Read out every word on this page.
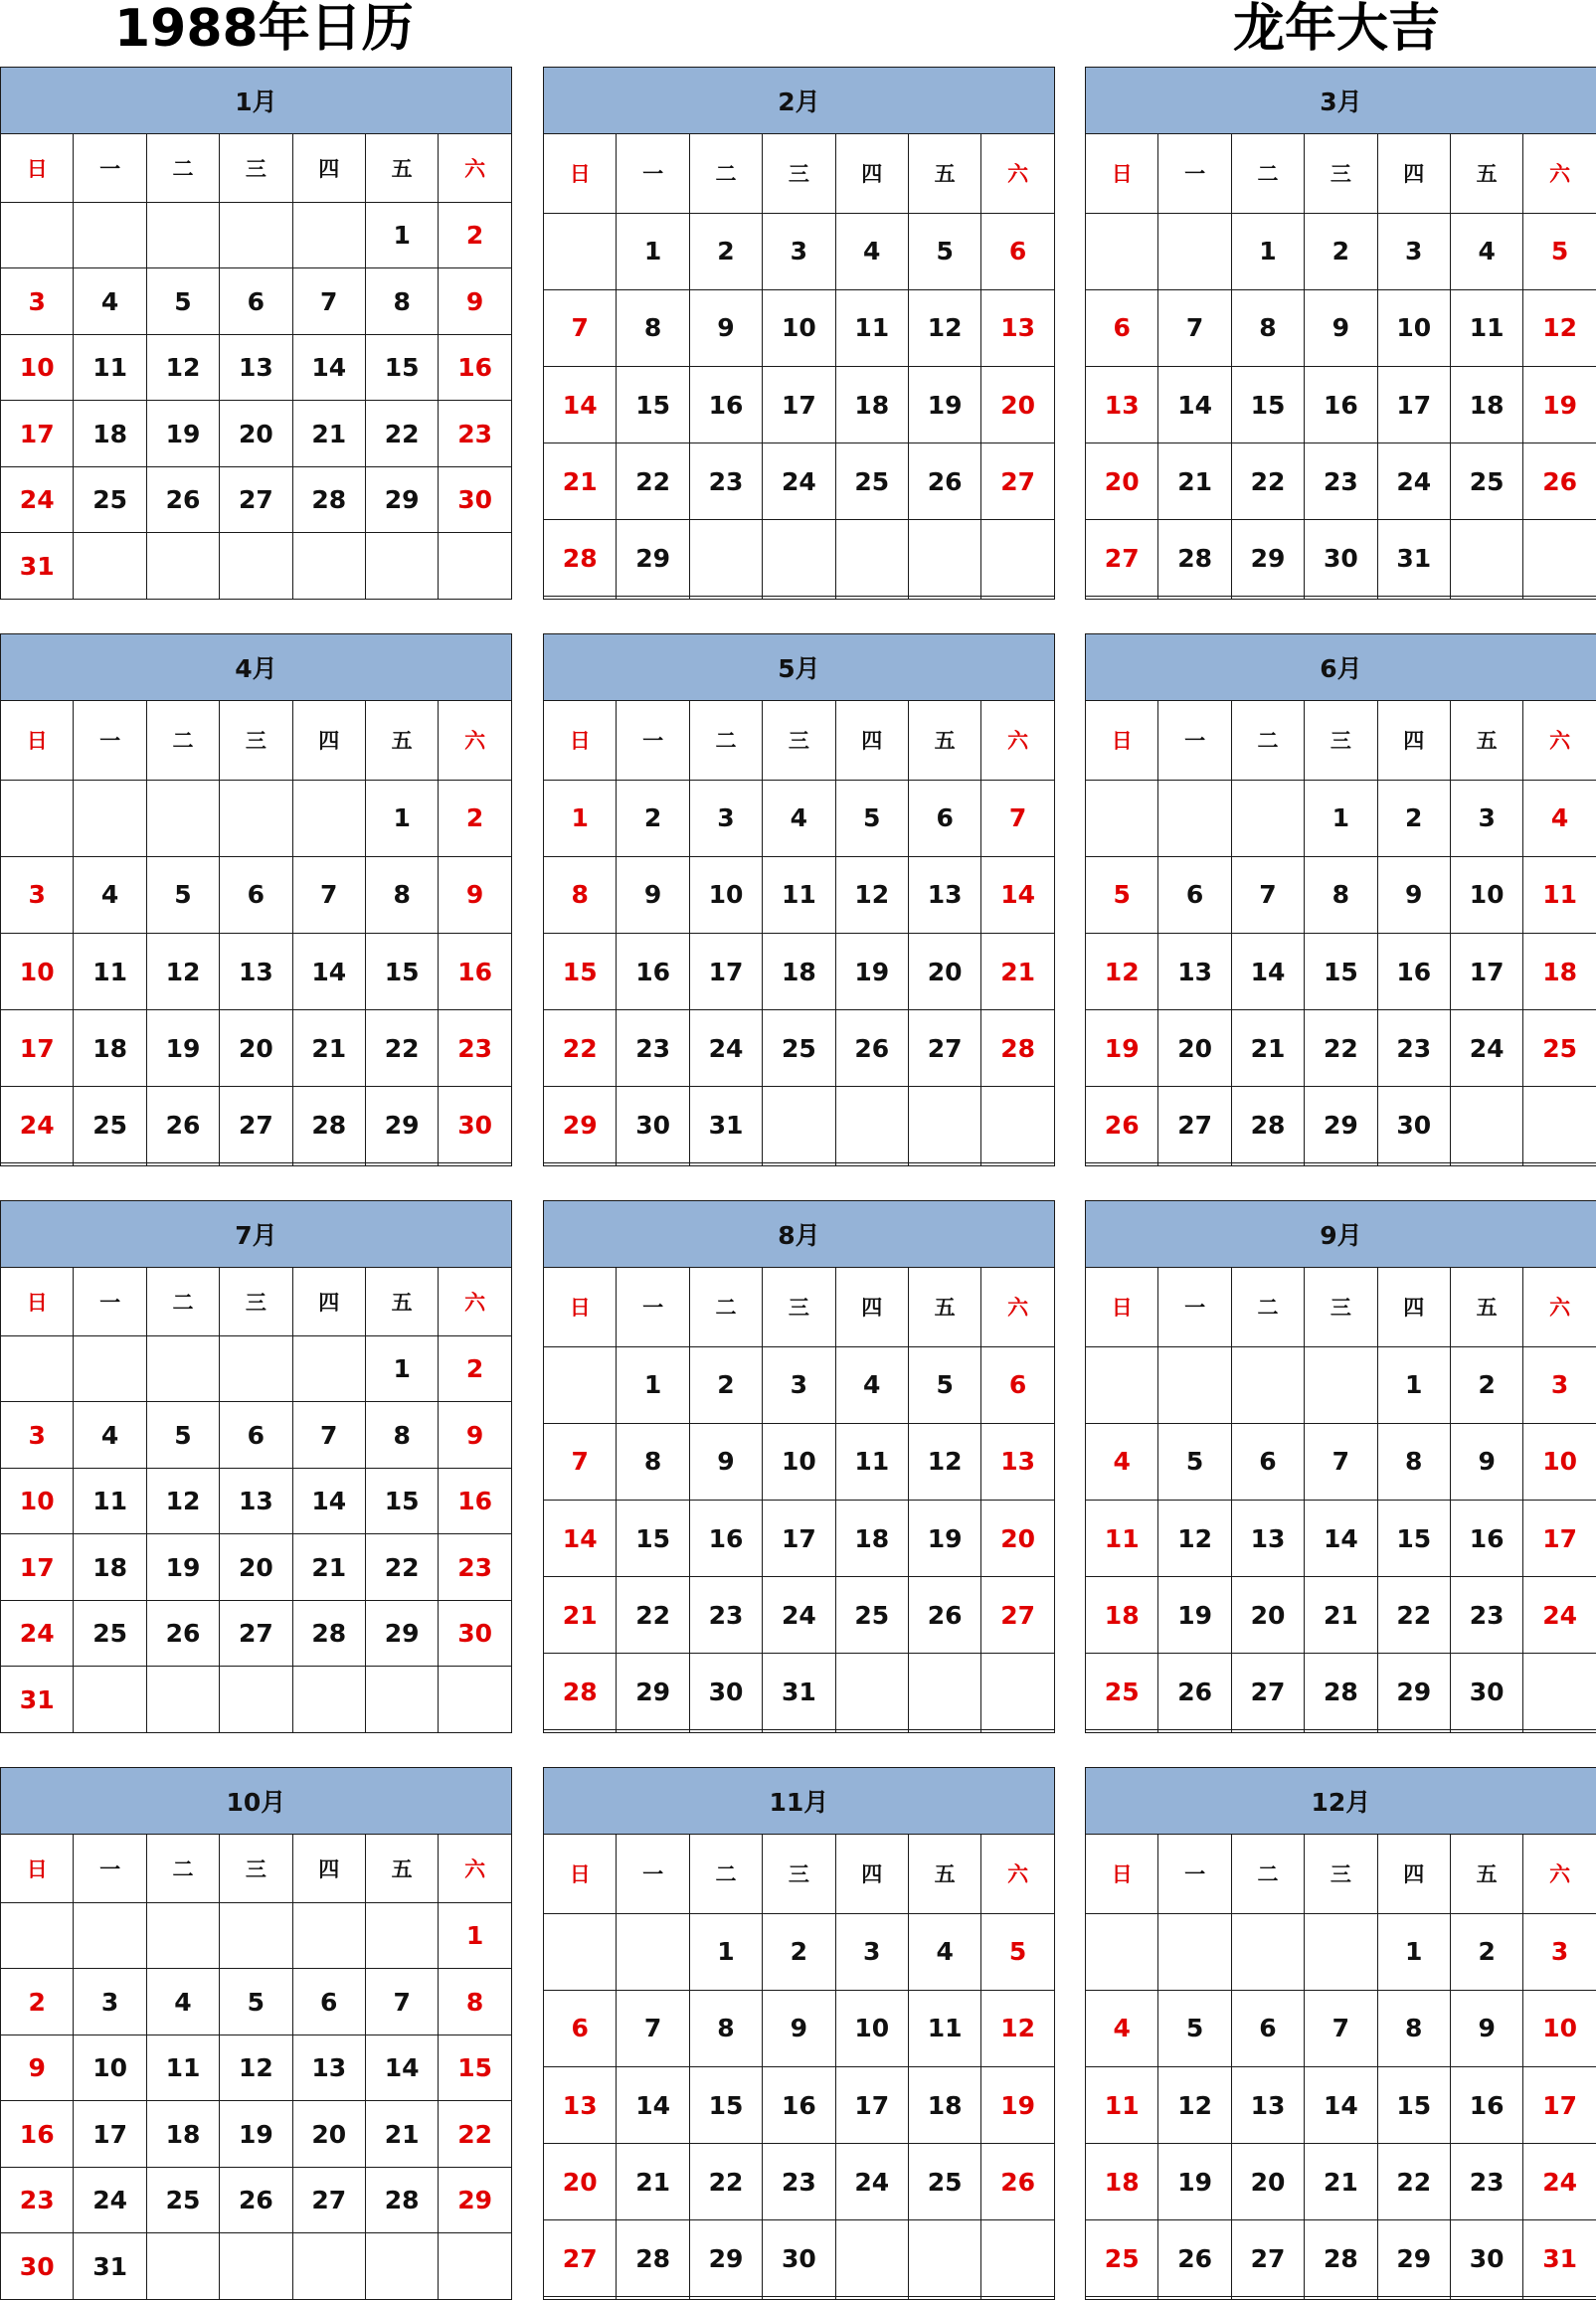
1988年日历	龙年大吉
1月						
日	一	二	三	四	五	六
					1	2
3	4	5	6	7	8	9
10	11	12	13	14	15	16
17	18	19	20	21	22	23
24	25	26	27	28	29	30
31						
2月						
日	一	二	三	四	五	六
	1	2	3	4	5	6
7	8	9	10	11	12	13
14	15	16	17	18	19	20
21	22	23	24	25	26	27
28	29					

3月						
日	一	二	三	四	五	六
		1	2	3	4	5
6	7	8	9	10	11	12
13	14	15	16	17	18	19
20	21	22	23	24	25	26
27	28	29	30	31		

4月						
日	一	二	三	四	五	六
					1	2
3	4	5	6	7	8	9
10	11	12	13	14	15	16
17	18	19	20	21	22	23
24	25	26	27	28	29	30

5月						
日	一	二	三	四	五	六
1	2	3	4	5	6	7
8	9	10	11	12	13	14
15	16	17	18	19	20	21
22	23	24	25	26	27	28
29	30	31				

6月						
日	一	二	三	四	五	六
			1	2	3	4
5	6	7	8	9	10	11
12	13	14	15	16	17	18
19	20	21	22	23	24	25
26	27	28	29	30		

7月						
日	一	二	三	四	五	六
					1	2
3	4	5	6	7	8	9
10	11	12	13	14	15	16
17	18	19	20	21	22	23
24	25	26	27	28	29	30
31						
8月						
日	一	二	三	四	五	六
	1	2	3	4	5	6
7	8	9	10	11	12	13
14	15	16	17	18	19	20
21	22	23	24	25	26	27
28	29	30	31			

9月						
日	一	二	三	四	五	六
				1	2	3
4	5	6	7	8	9	10
11	12	13	14	15	16	17
18	19	20	21	22	23	24
25	26	27	28	29	30	

10月						
日	一	二	三	四	五	六
						1
2	3	4	5	6	7	8
9	10	11	12	13	14	15
16	17	18	19	20	21	22
23	24	25	26	27	28	29
30	31					
11月						
日	一	二	三	四	五	六
		1	2	3	4	5
6	7	8	9	10	11	12
13	14	15	16	17	18	19
20	21	22	23	24	25	26
27	28	29	30			

12月						
日	一	二	三	四	五	六
				1	2	3
4	5	6	7	8	9	10
11	12	13	14	15	16	17
18	19	20	21	22	23	24
25	26	27	28	29	30	31
